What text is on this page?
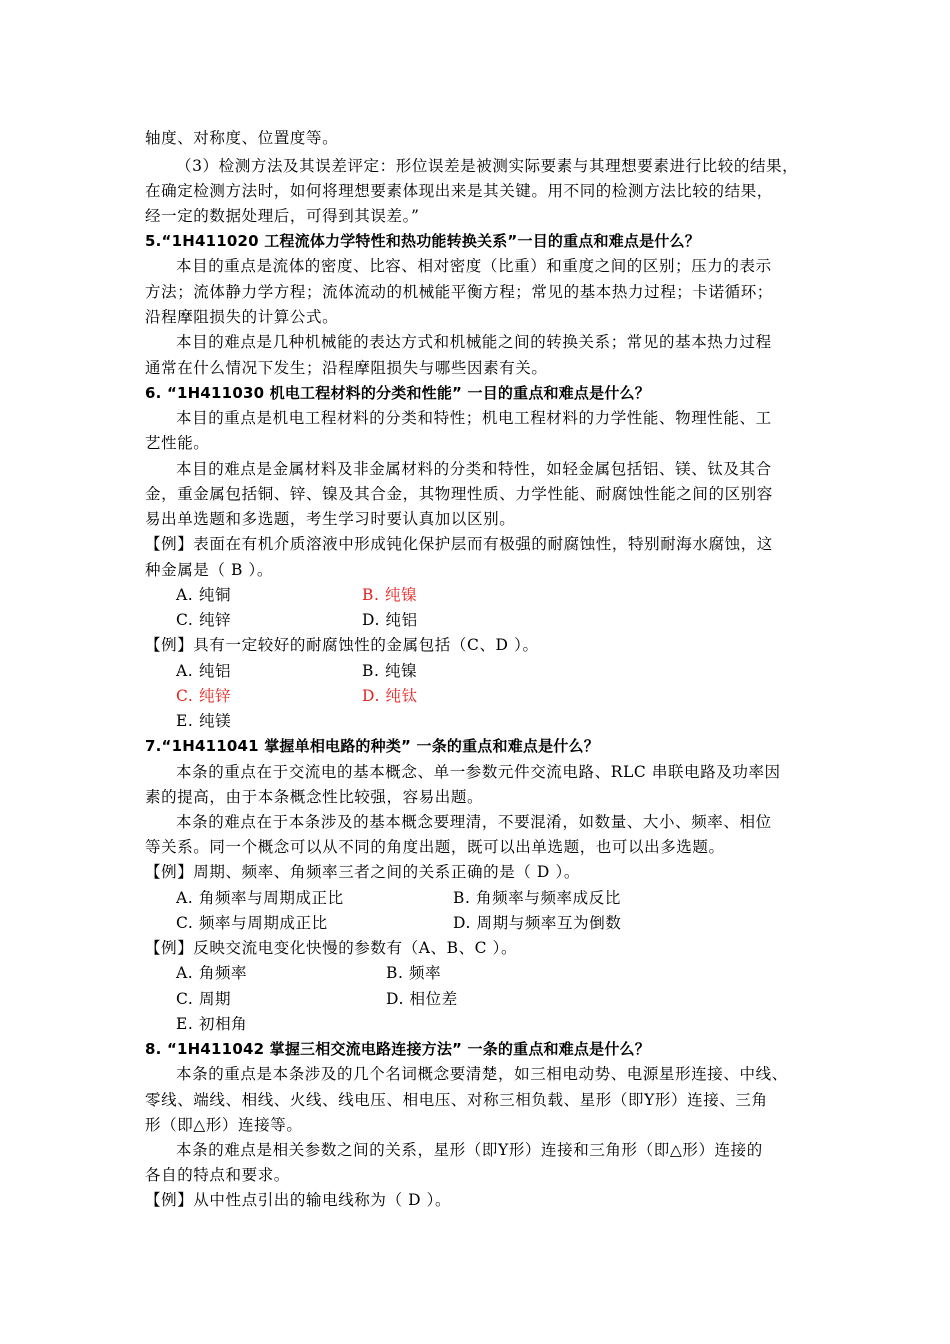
轴度、对称度、位置度等。
（3）检测方法及其误差评定：形位误差是被测实际要素与其理想要素进行比较的结果，
在确定检测方法时，如何将理想要素体现出来是其关键。用不同的检测方法比较的结果，
经一定的数据处理后，可得到其误差。”
5.“1H411020 工程流体力学特性和热功能转换关系”一目的重点和难点是什么？
本目的重点是流体的密度、比容、相对密度（比重）和重度之间的区别；压力的表示
方法；流体静力学方程；流体流动的机械能平衡方程；常见的基本热力过程；卡诺循环；
沿程摩阻损失的计算公式。
本目的难点是几种机械能的表达方式和机械能之间的转换关系；常见的基本热力过程
通常在什么情况下发生；沿程摩阻损失与哪些因素有关。
6. “1H411030 机电工程材料的分类和性能” 一目的重点和难点是什么？
本目的重点是机电工程材料的分类和特性；机电工程材料的力学性能、物理性能、工
艺性能。
本目的难点是金属材料及非金属材料的分类和特性，如轻金属包括铝、镁、钛及其合
金，重金属包括铜、锌、镍及其合金，其物理性质、力学性能、耐腐蚀性能之间的区别容
易出单选题和多选题，考生学习时要认真加以区别。
【例】表面在有机介质溶液中形成钝化保护层而有极强的耐腐蚀性，特别耐海水腐蚀，这
种金属是（ B ）。
A. 纯铜	B. 纯镍
C. 纯锌	D. 纯铝
【例】具有一定较好的耐腐蚀性的金属包括（C、D ）。
A. 纯铝	B. 纯镍
C. 纯锌	D. 纯钛
E. 纯镁
7.“1H411041 掌握单相电路的种类” 一条的重点和难点是什么？
本条的重点在于交流电的基本概念、单一参数元件交流电路、RLC 串联电路及功率因
素的提高，由于本条概念性比较强，容易出题。
本条的难点在于本条涉及的基本概念要理清，不要混淆，如数量、大小、频率、相位
等关系。同一个概念可以从不同的角度出题，既可以出单选题，也可以出多选题。
【例】周期、频率、角频率三者之间的关系正确的是（ D ）。
A. 角频率与周期成正比	B. 角频率与频率成反比
C. 频率与周期成正比	D. 周期与频率互为倒数
【例】反映交流电变化快慢的参数有（A、B、C ）。
A. 角频率	B. 频率
C. 周期	D. 相位差
E. 初相角
8. “1H411042 掌握三相交流电路连接方法” 一条的重点和难点是什么？
本条的重点是本条涉及的几个名词概念要清楚，如三相电动势、电源星形连接、中线、
零线、端线、相线、火线、线电压、相电压、对称三相负载、星形（即Y形）连接、三角
形（即△形）连接等。
本条的难点是相关参数之间的关系，星形（即Y形）连接和三角形（即△形）连接的
各自的特点和要求。
【例】从中性点引出的输电线称为（ D ）。
